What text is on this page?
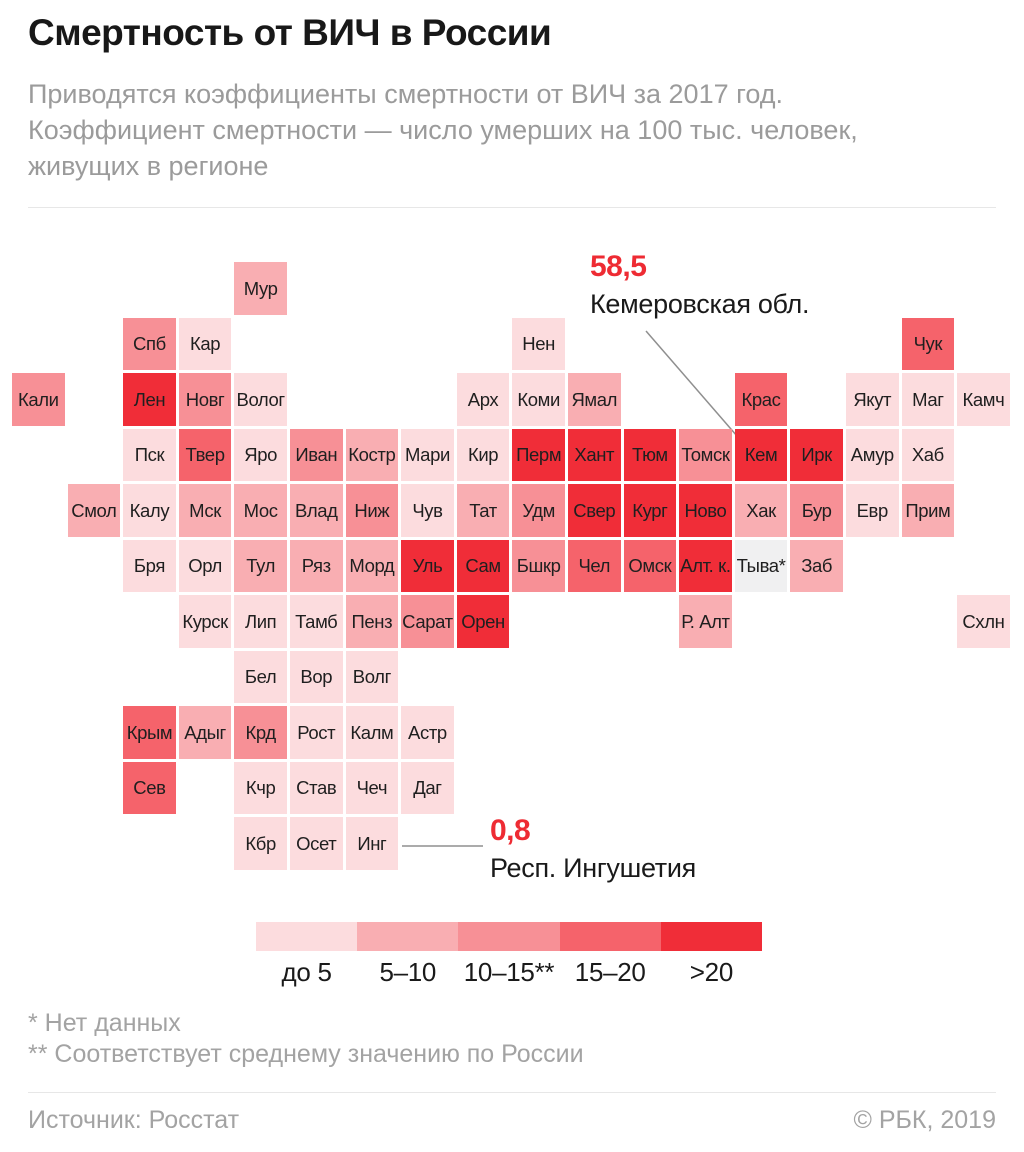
Смертность от ВИЧ в России
Приводятся коэффициенты смертности от ВИЧ за 2017 год.
Коэффициент смертности — число умерших на 100 тыс. человек,
живущих в регионе
Мур
Спб	Кар	Нен	Чук
Кали	Лен	Новг Волог	Арх	Коми Ямал	Крас	Якут	Маг	Камч
Пск	Твер	Яро Иван Костр Мари Кир Перм Хант Тюм Томск Кем	Ирк	Амур Хаб
Смол Калу	Мск	Мос Влад Ниж	Чув	Тат	Удм Свер Кург Ново	Хак	Бур	Евр Прим
Бря	Орл	Тул	Ряз	Морд Уль	Сам Бшкр Чел Омск Алт. к. Тыва* Заб
Курск Лип	Тамб Пенз Сарат Орен	Р. Алт	Схлн
Бел	Вор	Волг
Крым Адыг	Крд	Рост Калм Астр
Сев	Кчр	Став	Чеч	Даг
Кбр	Осет	Инг
58,5
Кемеровская обл.
0,8
Респ. Ингушетия
до 5	5–10	10–15** 15–20	>20
* Нет данных
** Соответствует среднему значению по России
Источник: Росстат	© РБК, 2019
